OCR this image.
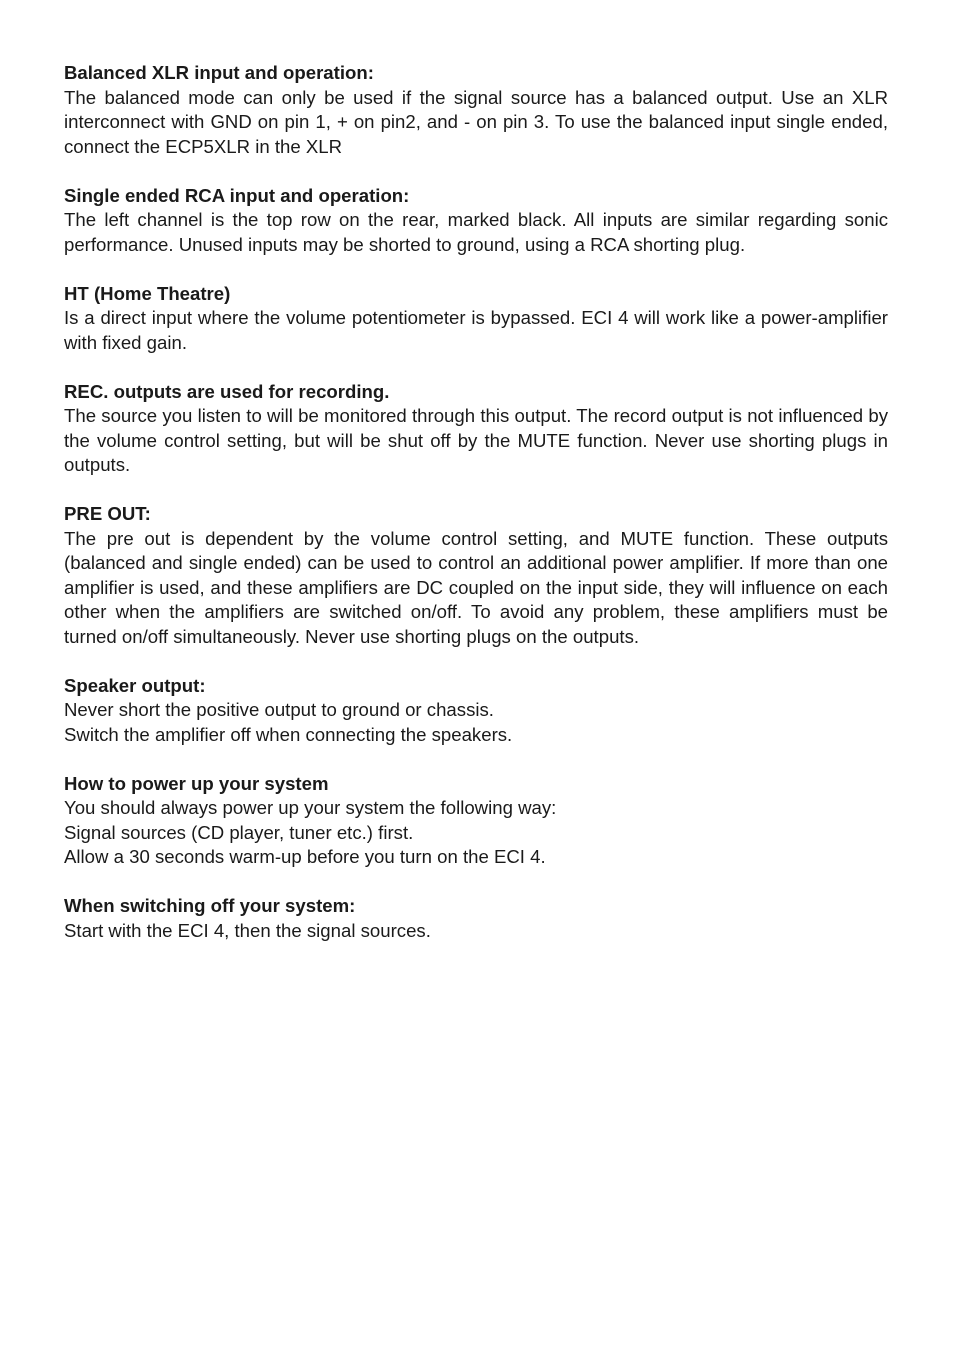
Balanced XLR input and operation:
The balanced mode can only be used if the signal source has a balanced output. Use an XLR interconnect with GND on pin 1, + on pin2, and - on pin 3. To use the balanced input single ended, connect the ECP5XLR in the XLR
Single ended RCA input and operation:
The left channel is the top row on the rear, marked black. All inputs are similar regarding sonic performance. Unused inputs may be shorted to ground, using a RCA shorting plug.
HT (Home Theatre)
Is a direct input where the volume potentiometer is bypassed. ECI 4 will work like a power-amplifier with fixed gain.
REC. outputs are used for recording.
The source you listen to will be monitored through this output. The record output is not influenced by the volume control setting, but will be shut off by the MUTE function. Never use shorting plugs in outputs.
PRE OUT:
The pre out is dependent by the volume control setting, and MUTE function. These outputs (balanced and single ended) can be used to control an additional power amplifier. If more than one amplifier is used, and these amplifiers are DC coupled on the input side, they will influence on each other when the amplifiers are switched on/off. To avoid any problem, these amplifiers must be turned on/off simultaneously. Never use shorting plugs on the outputs.
Speaker output:
Never short the positive output to ground or chassis.
Switch the amplifier off when connecting the speakers.
How to power up your system
You should always power up your system the following way:
Signal sources (CD player, tuner etc.) first.
Allow a 30 seconds warm-up before you turn on the ECI 4.
When switching off your system:
Start with the ECI 4, then the signal sources.
